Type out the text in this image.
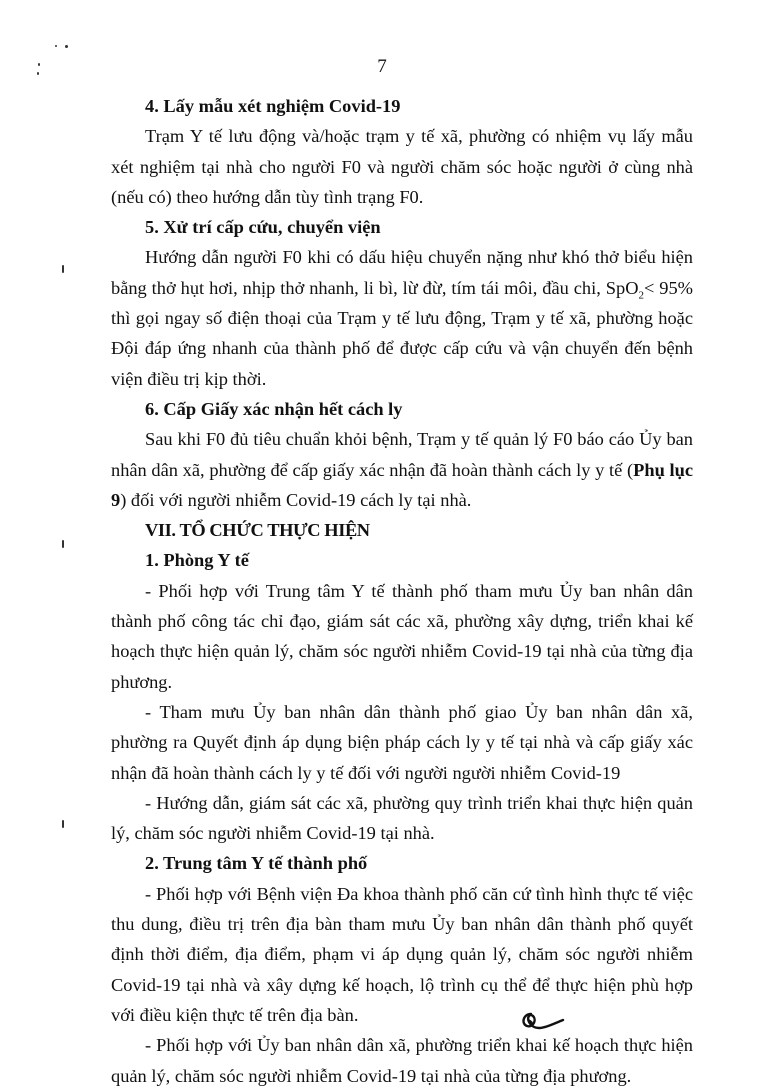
7

4. Lấy mẫu xét nghiệm Covid-19

Trạm Y tế lưu động và/hoặc trạm y tế xã, phường có nhiệm vụ lấy mẫu xét nghiệm tại nhà cho người F0 và người chăm sóc hoặc người ở cùng nhà (nếu có) theo hướng dẫn tùy tình trạng F0.

5. Xử trí cấp cứu, chuyển viện

Hướng dẫn người F0 khi có dấu hiệu chuyển nặng như khó thở biểu hiện bằng thở hụt hơi, nhịp thở nhanh, li bì, lừ đừ, tím tái môi, đầu chi, SpO$_2$< 95% thì gọi ngay số điện thoại của Trạm y tế lưu động, Trạm y tế xã, phường hoặc Đội đáp ứng nhanh của thành phố để được cấp cứu và vận chuyển đến bệnh viện điều trị kịp thời.

6. Cấp Giấy xác nhận hết cách ly

Sau khi F0 đủ tiêu chuẩn khỏi bệnh, Trạm y tế quản lý F0 báo cáo Ủy ban nhân dân xã, phường để cấp giấy xác nhận đã hoàn thành cách ly y tế (Phụ lục 9) đối với người nhiễm Covid-19 cách ly tại nhà.

VII. TỔ CHỨC THỰC HIỆN

1. Phòng Y tế

- Phối hợp với Trung tâm Y tế thành phố tham mưu Ủy ban nhân dân thành phố công tác chỉ đạo, giám sát các xã, phường xây dựng, triển khai kế hoạch thực hiện quản lý, chăm sóc người nhiễm Covid-19 tại nhà của từng địa phương.

- Tham mưu Ủy ban nhân dân thành phố giao Ủy ban nhân dân xã, phường ra Quyết định áp dụng biện pháp cách ly y tế tại nhà và cấp giấy xác nhận đã hoàn thành cách ly y tế đối với người người nhiễm Covid-19

- Hướng dẫn, giám sát các xã, phường quy trình triển khai thực hiện quản lý, chăm sóc người nhiễm Covid-19 tại nhà.

2. Trung tâm Y tế thành phố

- Phối hợp với Bệnh viện Đa khoa thành phố căn cứ tình hình thực tế việc thu dung, điều trị trên địa bàn tham mưu Ủy ban nhân dân thành phố quyết định thời điểm, địa điểm, phạm vi áp dụng quản lý, chăm sóc người nhiễm Covid-19 tại nhà và xây dựng kế hoạch, lộ trình cụ thể để thực hiện phù hợp với điều kiện thực tế trên địa bàn.

- Phối hợp với Ủy ban nhân dân xã, phường triển khai kế hoạch thực hiện quản lý, chăm sóc người nhiễm Covid-19 tại nhà của từng địa phương.
